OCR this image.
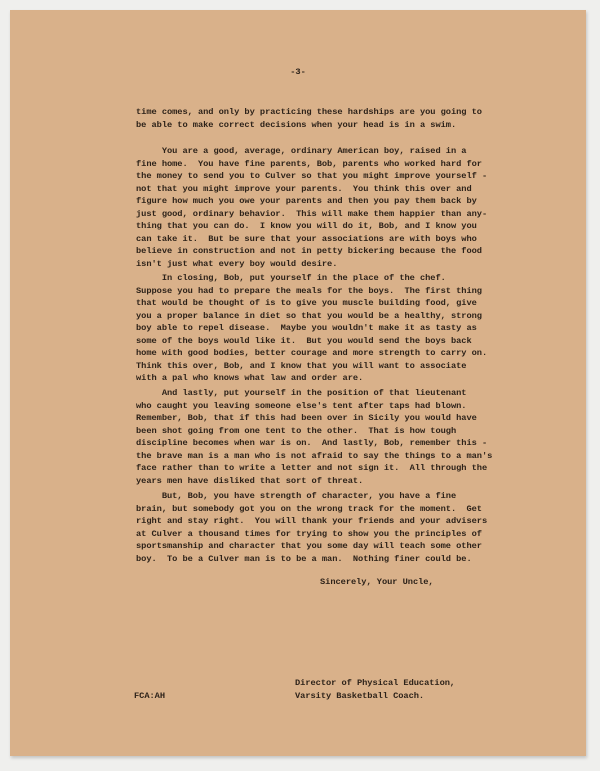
-3-
time comes, and only by practicing these hardships are you going to
be able to make correct decisions when your head is in a swim.
You are a good, average, ordinary American boy, raised in a
fine home.  You have fine parents, Bob, parents who worked hard for
the money to send you to Culver so that you might improve yourself -
not that you might improve your parents.  You think this over and
figure how much you owe your parents and then you pay them back by
just good, ordinary behavior.  This will make them happier than any-
thing that you can do.  I know you will do it, Bob, and I know you
can take it.  But be sure that your associations are with boys who
believe in construction and not in petty bickering because the food
isn't just what every boy would desire.
In closing, Bob, put yourself in the place of the chef.
Suppose you had to prepare the meals for the boys.  The first thing
that would be thought of is to give you muscle building food, give
you a proper balance in diet so that you would be a healthy, strong
boy able to repel disease.  Maybe you wouldn't make it as tasty as
some of the boys would like it.  But you would send the boys back
home with good bodies, better courage and more strength to carry on.
Think this over, Bob, and I know that you will want to associate
with a pal who knows what law and order are.
And lastly, put yourself in the position of that lieutenant
who caught you leaving someone else's tent after taps had blown.
Remember, Bob, that if this had been over in Sicily you would have
been shot going from one tent to the other.  That is how tough
discipline becomes when war is on.  And lastly, Bob, remember this -
the brave man is a man who is not afraid to say the things to a man's
face rather than to write a letter and not sign it.  All through the
years men have disliked that sort of threat.
But, Bob, you have strength of character, you have a fine
brain, but somebody got you on the wrong track for the moment.  Get
right and stay right.  You will thank your friends and your advisers
at Culver a thousand times for trying to show you the principles of
sportsmanship and character that you some day will teach some other
boy.  To be a Culver man is to be a man.  Nothing finer could be.
Sincerely, Your Uncle,
Director of Physical Education,
Varsity Basketball Coach.
FCA:AH
